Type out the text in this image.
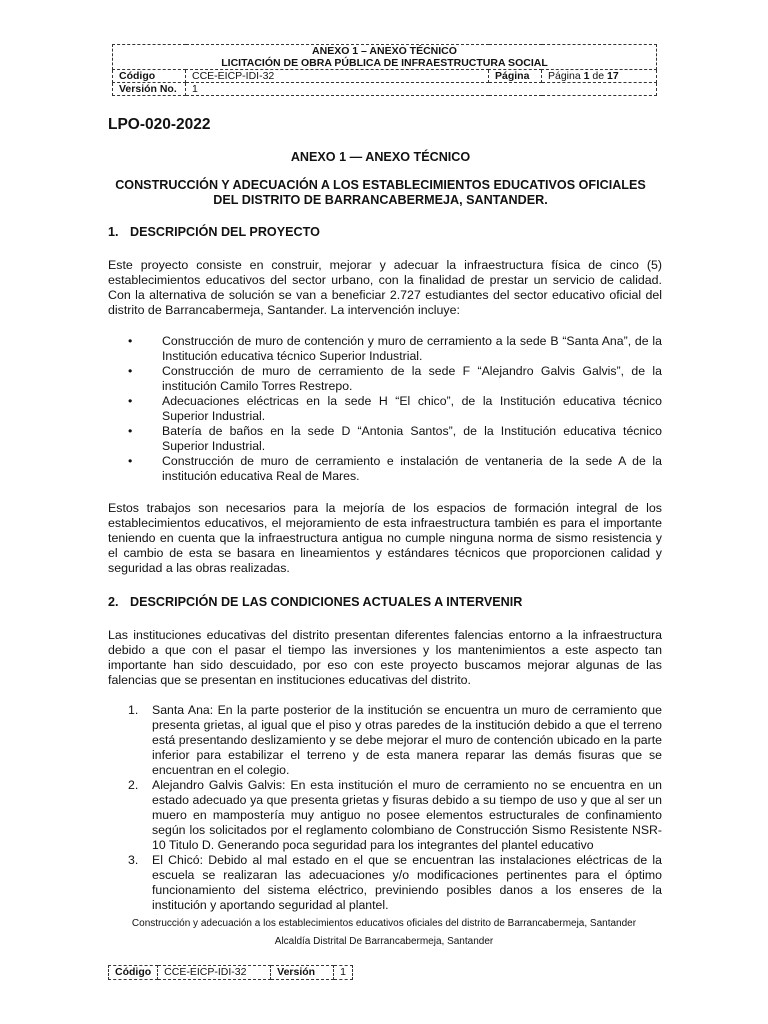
ANEXO 1 – ANEXO TÉCNICO
LICITACIÓN DE OBRA PÚBLICA DE INFRAESTRUCTURA SOCIAL			

Código	CCE-EICP-IDI-32	Página	Página 1 de 17
Versión No.	1		
LPO-020-2022
ANEXO 1 — ANEXO TÉCNICO
CONSTRUCCIÓN Y ADECUACIÓN A LOS ESTABLECIMIENTOS EDUCATIVOS OFICIALES
DEL DISTRITO DE BARRANCABERMEJA, SANTANDER.
1. DESCRIPCIÓN DEL PROYECTO

Este proyecto consiste en construir, mejorar y adecuar la infraestructura física de cinco (5) establecimientos educativos del sector urbano, con la finalidad de prestar un servicio de calidad. Con la alternativa de solución se van a beneficiar 2.727 estudiantes del sector educativo oficial del distrito de Barrancabermeja, Santander. La intervención incluye:

• Construcción de muro de contención y muro de cerramiento a la sede B “Santa Ana”, de la Institución educativa técnico Superior Industrial.
• Construcción de muro de cerramiento de la sede F “Alejandro Galvis Galvis”, de la institución Camilo Torres Restrepo.
• Adecuaciones eléctricas en la sede H “El chico”, de la Institución educativa técnico Superior Industrial.
• Batería de baños en la sede D “Antonia Santos”, de la Institución educativa técnico Superior Industrial.
• Construcción de muro de cerramiento e instalación de ventaneria de la sede A de la institución educativa Real de Mares.

Estos trabajos son necesarios para la mejoría de los espacios de formación integral de los establecimientos educativos, el mejoramiento de esta infraestructura también es para el importante teniendo en cuenta que la infraestructura antigua no cumple ninguna norma de sismo resistencia y el cambio de esta se basara en lineamientos y estándares técnicos que proporcionen calidad y seguridad a las obras realizadas.

2. DESCRIPCIÓN DE LAS CONDICIONES ACTUALES A INTERVENIR

Las instituciones educativas del distrito presentan diferentes falencias entorno a la infraestructura debido a que con el pasar el tiempo las inversiones y los mantenimientos a este aspecto tan importante han sido descuidado, por eso con este proyecto buscamos mejorar algunas de las falencias que se presentan en instituciones educativas del distrito.

1. Santa Ana: En la parte posterior de la institución se encuentra un muro de cerramiento que presenta grietas, al igual que el piso y otras paredes de la institución debido a que el terreno está presentando deslizamiento y se debe mejorar el muro de contención ubicado en la parte inferior para estabilizar el terreno y de esta manera reparar las demás fisuras que se encuentran en el colegio.
2. Alejandro Galvis Galvis: En esta institución el muro de cerramiento no se encuentra en un estado adecuado ya que presenta grietas y fisuras debido a su tiempo de uso y que al ser un muero en mampostería muy antiguo no posee elementos estructurales de confinamiento según los solicitados por el reglamento colombiano de Construcción Sismo Resistente NSR-10 Titulo D. Generando poca seguridad para los integrantes del plantel educativo
3. El Chicó: Debido al mal estado en el que se encuentran las instalaciones eléctricas de la escuela se realizaran las adecuaciones y/o modificaciones pertinentes para el óptimo funcionamiento del sistema eléctrico, previniendo posibles danos a los enseres de la institución y aportando seguridad al plantel.
Construcción y adecuación a los establecimientos educativos oficiales del distrito de Barrancabermeja, Santander
Alcaldía Distrital De Barrancabermeja, Santander
Código	CCE-EICP-IDI-32	Versión	1
